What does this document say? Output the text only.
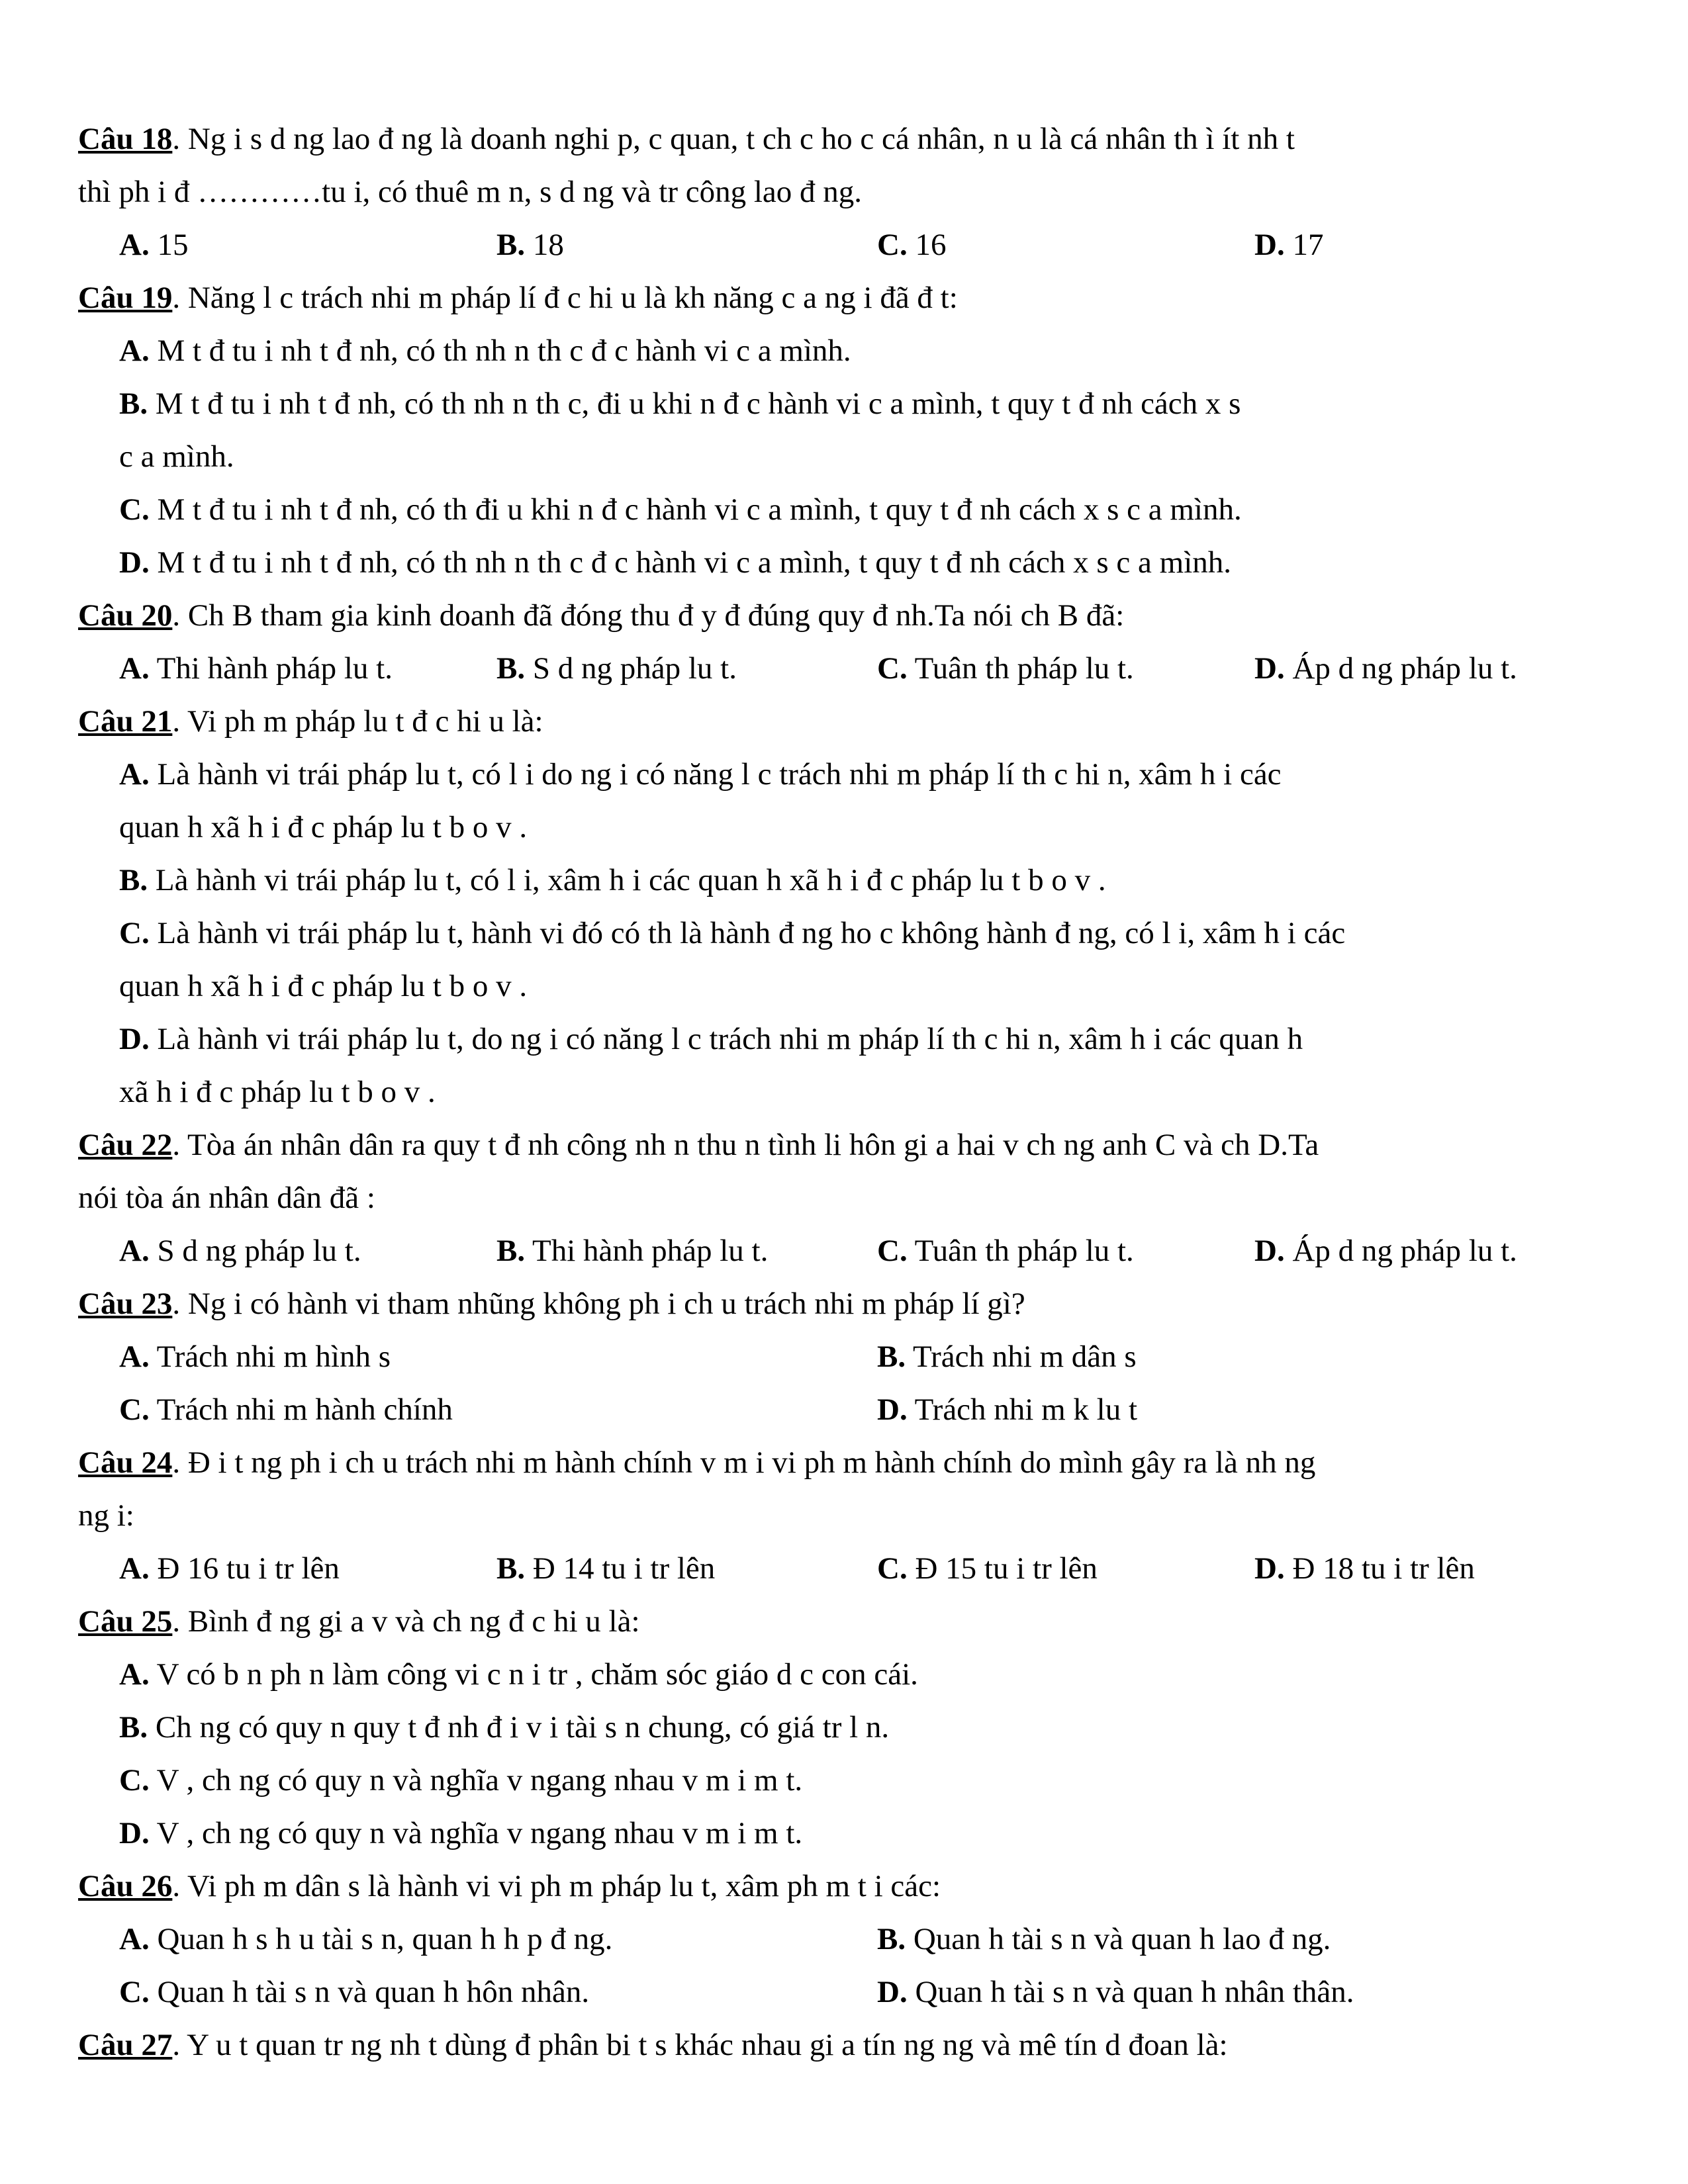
Câu 18. Ng i s d ng lao đ ng là doanh nghi p, c quan, t ch c ho c cá nhân, n u là cá nhân th ì ít nh t
thì ph i đ …………tu i, có thuê m n, s d ng và tr công lao đ ng.
A. 15	B. 18	C. 16	D. 17
Câu 19. Năng l c trách nhi m pháp lí đ c hi u là kh năng c a ng i đã đ t:
A. M t đ tu i nh t đ nh, có th nh n th c đ c hành vi c a mình.
B. M t đ tu i nh t đ nh, có th nh n th c, đi u khi n đ c hành vi c a mình, t quy t đ nh cách x s
c a mình.
C. M t đ tu i nh t đ nh, có th đi u khi n đ c hành vi c a mình, t quy t đ nh cách x s c a mình.
D. M t đ tu i nh t đ nh, có th nh n th c đ c hành vi c a mình, t quy t đ nh cách x s c a mình.
Câu 20. Ch B tham gia kinh doanh đã đóng thu đ y đ đúng quy đ nh.Ta nói ch B đã:
A. Thi hành pháp lu t.	B. S d ng pháp lu t.	C. Tuân th pháp lu t.	D. Áp d ng pháp lu t.
Câu 21. Vi ph m pháp lu t đ c hi u là:
A. Là hành vi trái pháp lu t, có l i do ng i có năng l c trách nhi m pháp lí th c hi n, xâm h i các
quan h xã h i đ c pháp lu t b o v .
B. Là hành vi trái pháp lu t, có l i, xâm h i các quan h xã h i đ c pháp lu t b o v .
C. Là hành vi trái pháp lu t, hành vi đó có th là hành đ ng ho c không hành đ ng, có l i, xâm h i các
quan h xã h i đ c pháp lu t b o v .
D. Là hành vi trái pháp lu t, do ng i có năng l c trách nhi m pháp lí th c hi n, xâm h i các quan h
xã h i đ c pháp lu t b o v .
Câu 22. Tòa án nhân dân ra quy t đ nh công nh n thu n tình li hôn gi a hai v ch ng anh C và ch D.Ta
nói tòa án nhân dân đã :
A. S d ng pháp lu t.	B. Thi hành pháp lu t.	C. Tuân th pháp lu t.	D. Áp d ng pháp lu t.
Câu 23. Ng i có hành vi tham nhũng không ph i ch u trách nhi m pháp lí gì?
A. Trách nhi m hình s	B. Trách nhi m dân s
C. Trách nhi m hành chính	D. Trách nhi m k lu t
Câu 24. Đ i t ng ph i ch u trách nhi m hành chính v m i vi ph m hành chính do mình gây ra là nh ng
ng i:
A. Đ 16 tu i tr lên	B. Đ 14 tu i tr lên	C. Đ 15 tu i tr lên	D. Đ 18 tu i tr lên
Câu 25. Bình đ ng gi a v và ch ng đ c hi u là:
A. V có b n ph n làm công vi c n i tr , chăm sóc giáo d c con cái.
B. Ch ng có quy n quy t đ nh đ i v i tài s n chung, có giá tr l n.
C. V , ch ng có quy n và nghĩa v ngang nhau v m i m t.
D. V , ch ng có quy n và nghĩa v ngang nhau v m i m t.
Câu 26. Vi ph m dân s là hành vi vi ph m pháp lu t, xâm ph m t i các:
A. Quan h s h u tài s n, quan h h p đ ng.	B. Quan h tài s n và quan h lao đ ng.
C. Quan h tài s n và quan h hôn nhân.	D. Quan h tài s n và quan h nhân thân.
Câu 27. Y u t quan tr ng nh t dùng đ phân bi t s khác nhau gi a tín ng ng và mê tín d đoan là:
